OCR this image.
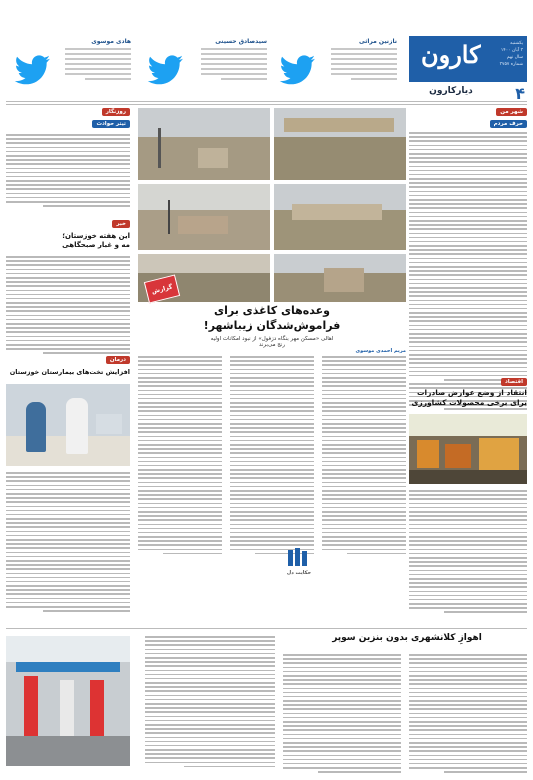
نازنین مراثی
سیدصادق حسینی
هادی موسوی	کارون	یکشنبه
۳ آبان ۱۴۰۰
سال نهم
شماره ۳۷۵۷
۴
دیارکارون
شهر من
حرف مردم
اقتصاد
انتقاد از وضع عوارض صادرات
برای برخی محصولات کشاورزی
گزارش
وعده‌های کاغذی برای
فراموش‌شدگان زیباشهر!
اهالی «مسکن مهر بنگاه دزفول» از نبود امکانات اولیه
رنج می‌برند
مریم احمدی موسوی
حکایت دل
روزنگار
تیتر حوادث
خبر
این هفته خوزستان؛
مه و غبار صبحگاهی
درمان
افزایش تخت‌های بیمارستان خوزستان
اهوازِ کلانشهری بدون بنزین سوپر
